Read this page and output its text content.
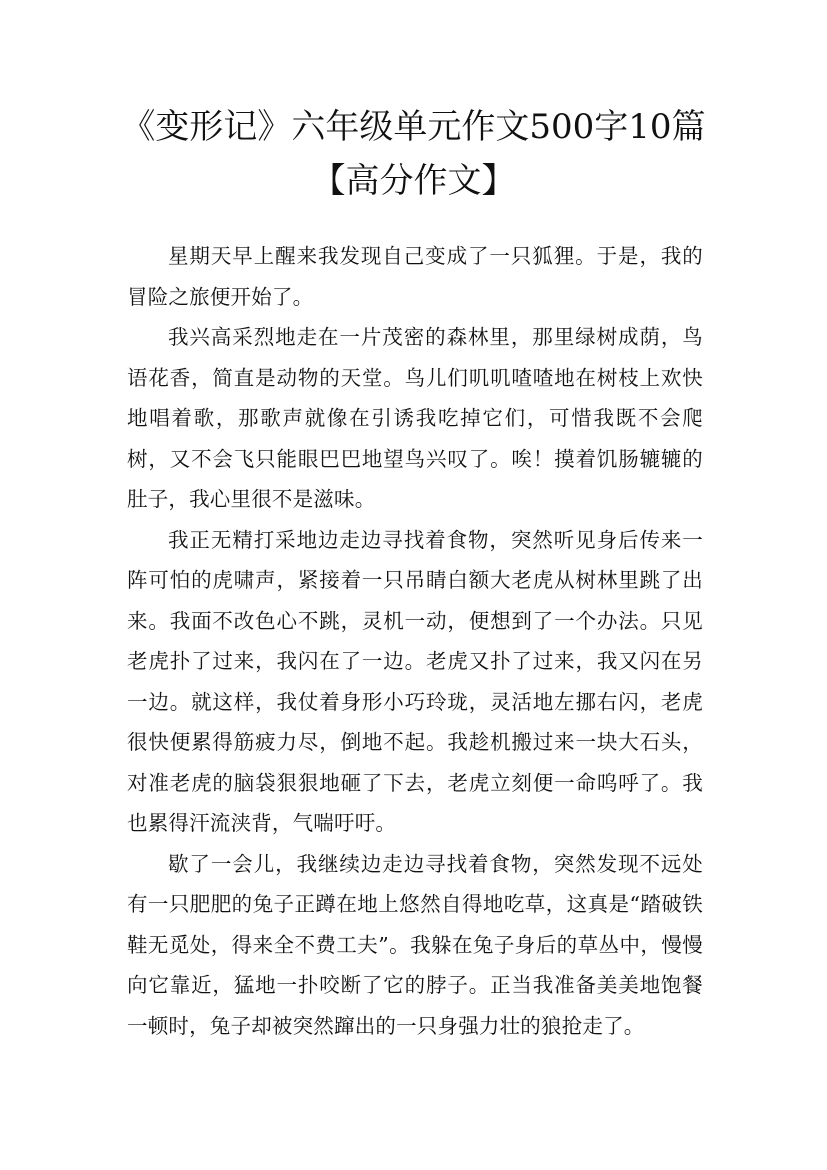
《变形记》六年级单元作文500字10篇【高分作文】

星期天早上醒来我发现自己变成了一只狐狸。于是，我的冒险之旅便开始了。

我兴高采烈地走在一片茂密的森林里，那里绿树成荫，鸟语花香，简直是动物的天堂。鸟儿们叽叽喳喳地在树枝上欢快地唱着歌，那歌声就像在引诱我吃掉它们，可惜我既不会爬树，又不会飞只能眼巴巴地望鸟兴叹了。唉！摸着饥肠辘辘的肚子，我心里很不是滋味。

我正无精打采地边走边寻找着食物，突然听见身后传来一阵可怕的虎啸声，紧接着一只吊睛白额大老虎从树林里跳了出来。我面不改色心不跳，灵机一动，便想到了一个办法。只见老虎扑了过来，我闪在了一边。老虎又扑了过来，我又闪在另一边。就这样，我仗着身形小巧玲珑，灵活地左挪右闪，老虎很快便累得筋疲力尽，倒地不起。我趁机搬过来一块大石头，对准老虎的脑袋狠狠地砸了下去，老虎立刻便一命呜呼了。我也累得汗流浃背，气喘吁吁。

歇了一会儿，我继续边走边寻找着食物，突然发现不远处有一只肥肥的兔子正蹲在地上悠然自得地吃草，这真是“踏破铁鞋无觅处，得来全不费工夫”。我躲在兔子身后的草丛中，慢慢向它靠近，猛地一扑咬断了它的脖子。正当我准备美美地饱餐一顿时，兔子却被突然蹿出的一只身强力壮的狼抢走了。
